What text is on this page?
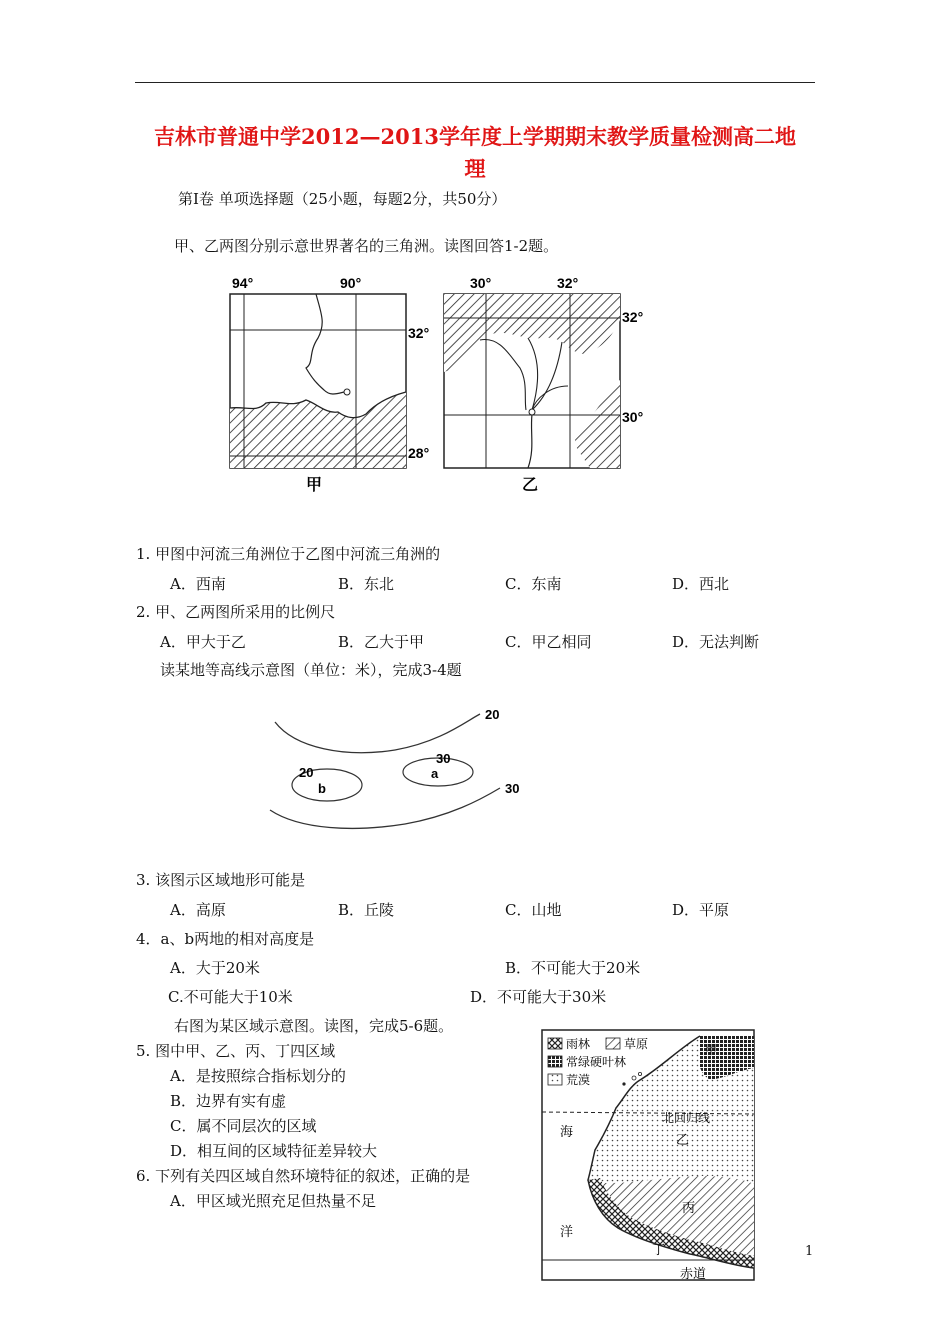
吉林市普通中学2012—2013学年度上学期期末教学质量检测高二地
理
第Ⅰ卷 单项选择题（25小题，每题2分，共50分）
甲、乙两图分别示意世界著名的三角洲。读图回答1-2题。
94°	90°
32°
28°
甲
30°	32°
32°
30°
乙
1. 甲图中河流三角洲位于乙图中河流三角洲的
A．西南	B．东北	C．东南	D．西北
2. 甲、乙两图所采用的比例尺
A．甲大于乙	B．乙大于甲	C．甲乙相同	D．无法判断
读某地等高线示意图（单位：米），完成3-4题
20
30
a
20
b	30
3. 该图示区域地形可能是
A．高原	B．丘陵	C．山地	D．平原
4．a、b两地的相对高度是
A．大于20米	B．不可能大于20米
C.不可能大于10米	D．不可能大于30米
右图为某区域示意图。读图，完成5-6题。
5. 图中甲、乙、丙、丁四区域
A．是按照综合指标划分的
B．边界有实有虚
C．属不同层次的区域
D．相互间的区域特征差异较大
6. 下列有关四区域自然环境特征的叙述，正确的是
A．甲区域光照充足但热量不足
雨林	草原
常绿硬叶林
荒漠
甲
北回归线
海
乙
丙
洋
丁
赤道
1
